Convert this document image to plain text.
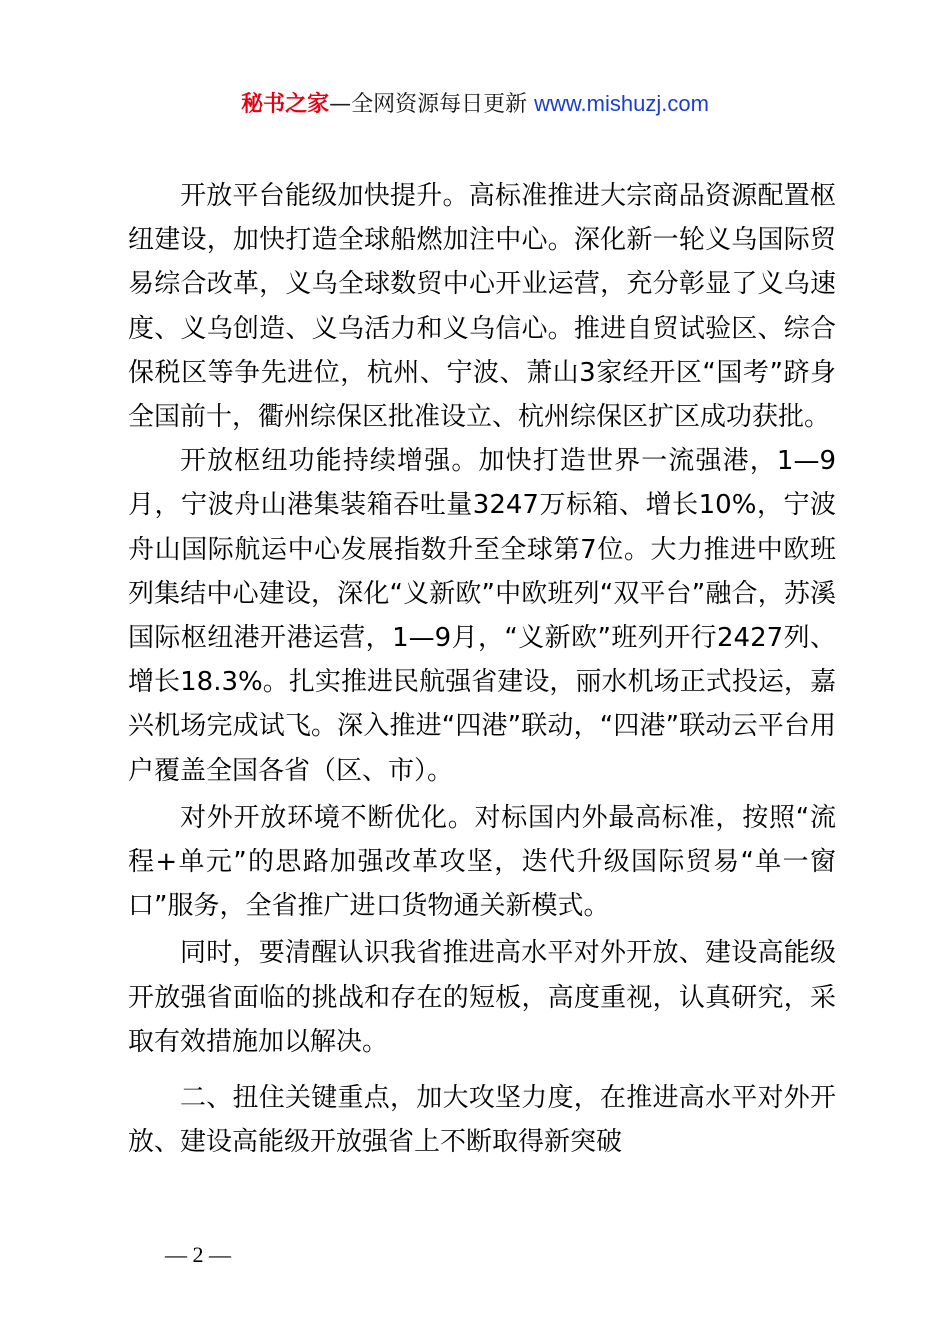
秘书之家—全网资源每日更新 www.mishuzj.com

开放平台能级加快提升。高标准推进大宗商品资源配置枢纽建设，加快打造全球船燃加注中心。深化新一轮义乌国际贸易综合改革，义乌全球数贸中心开业运营，充分彰显了义乌速度、义乌创造、义乌活力和义乌信心。推进自贸试验区、综合保税区等争先进位，杭州、宁波、萧山3家经开区“国考”跻身全国前十，衢州综保区批准设立、杭州综保区扩区成功获批。

开放枢纽功能持续增强。加快打造世界一流强港，1—9月，宁波舟山港集装箱吞吐量3247万标箱、增长10%，宁波舟山国际航运中心发展指数升至全球第7位。大力推进中欧班列集结中心建设，深化“义新欧”中欧班列“双平台”融合，苏溪国际枢纽港开港运营，1—9月，“义新欧”班列开行2427列、增长18.3%。扎实推进民航强省建设，丽水机场正式投运，嘉兴机场完成试飞。深入推进“四港”联动，“四港”联动云平台用户覆盖全国各省（区、市）。

对外开放环境不断优化。对标国内外最高标准，按照“流程+单元”的思路加强改革攻坚，迭代升级国际贸易“单一窗口”服务，全省推广进口货物通关新模式。

同时，要清醒认识我省推进高水平对外开放、建设高能级开放强省面临的挑战和存在的短板，高度重视，认真研究，采取有效措施加以解决。

二、扭住关键重点，加大攻坚力度，在推进高水平对外开放、建设高能级开放强省上不断取得新突破

— 2 —
